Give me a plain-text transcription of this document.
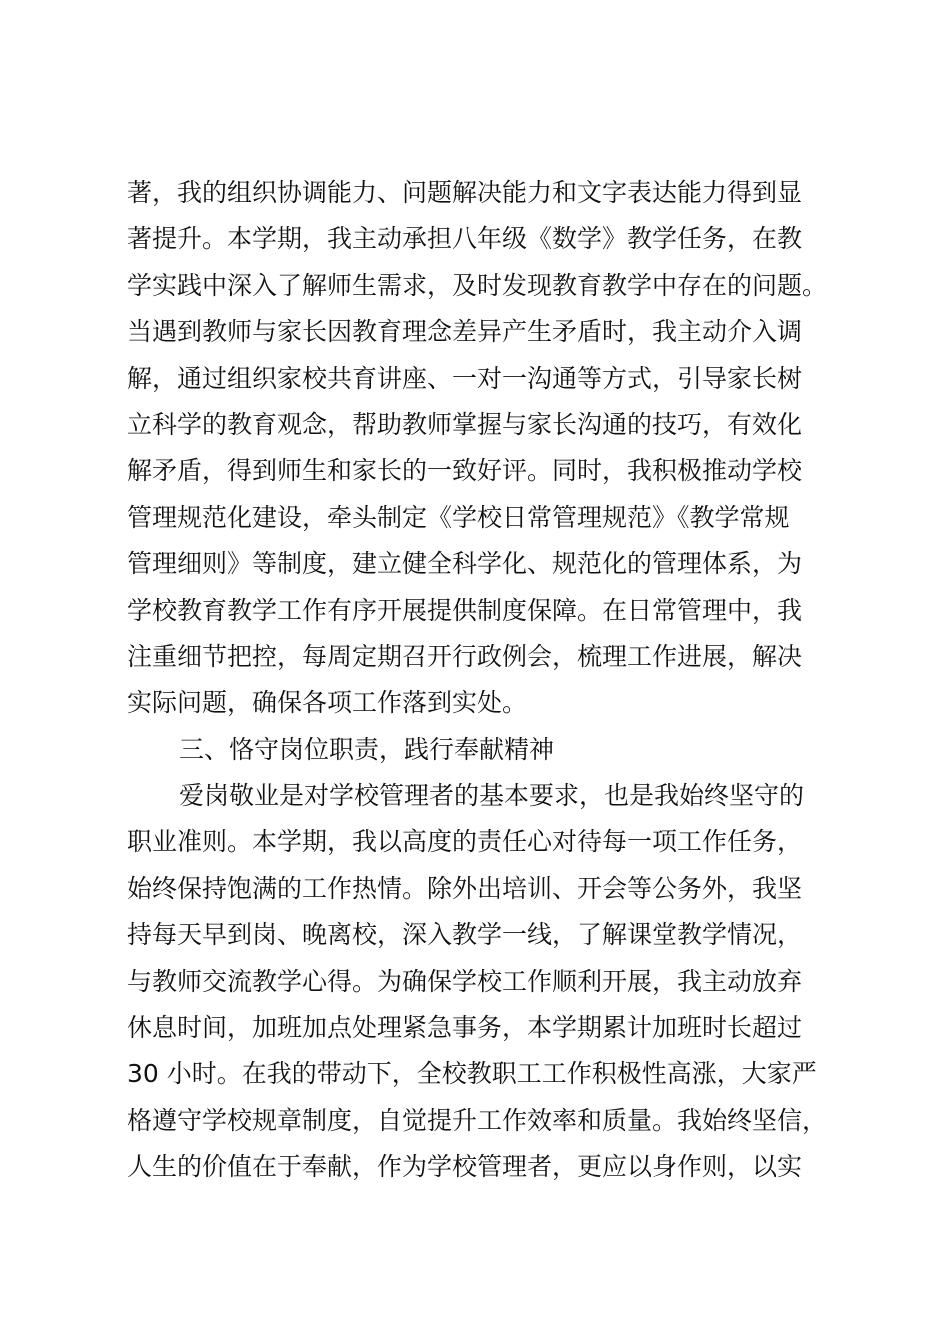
著，我的组织协调能力、问题解决能力和文字表达能力得到显
著提升。本学期，我主动承担八年级《数学》教学任务，在教
学实践中深入了解师生需求，及时发现教育教学中存在的问题。
当遇到教师与家长因教育理念差异产生矛盾时，我主动介入调
解，通过组织家校共育讲座、一对一沟通等方式，引导家长树
立科学的教育观念，帮助教师掌握与家长沟通的技巧，有效化
解矛盾，得到师生和家长的一致好评。同时，我积极推动学校
管理规范化建设，牵头制定《学校日常管理规范》《教学常规
管理细则》等制度，建立健全科学化、规范化的管理体系，为
学校教育教学工作有序开展提供制度保障。在日常管理中，我
注重细节把控，每周定期召开行政例会，梳理工作进展，解决
实际问题，确保各项工作落到实处。
三、恪守岗位职责，践行奉献精神
爱岗敬业是对学校管理者的基本要求，也是我始终坚守的
职业准则。本学期，我以高度的责任心对待每一项工作任务，
始终保持饱满的工作热情。除外出培训、开会等公务外，我坚
持每天早到岗、晚离校，深入教学一线，了解课堂教学情况，
与教师交流教学心得。为确保学校工作顺利开展，我主动放弃
休息时间，加班加点处理紧急事务，本学期累计加班时长超过
30 小时。在我的带动下，全校教职工工作积极性高涨，大家严
格遵守学校规章制度，自觉提升工作效率和质量。我始终坚信，
人生的价值在于奉献，作为学校管理者，更应以身作则，以实
